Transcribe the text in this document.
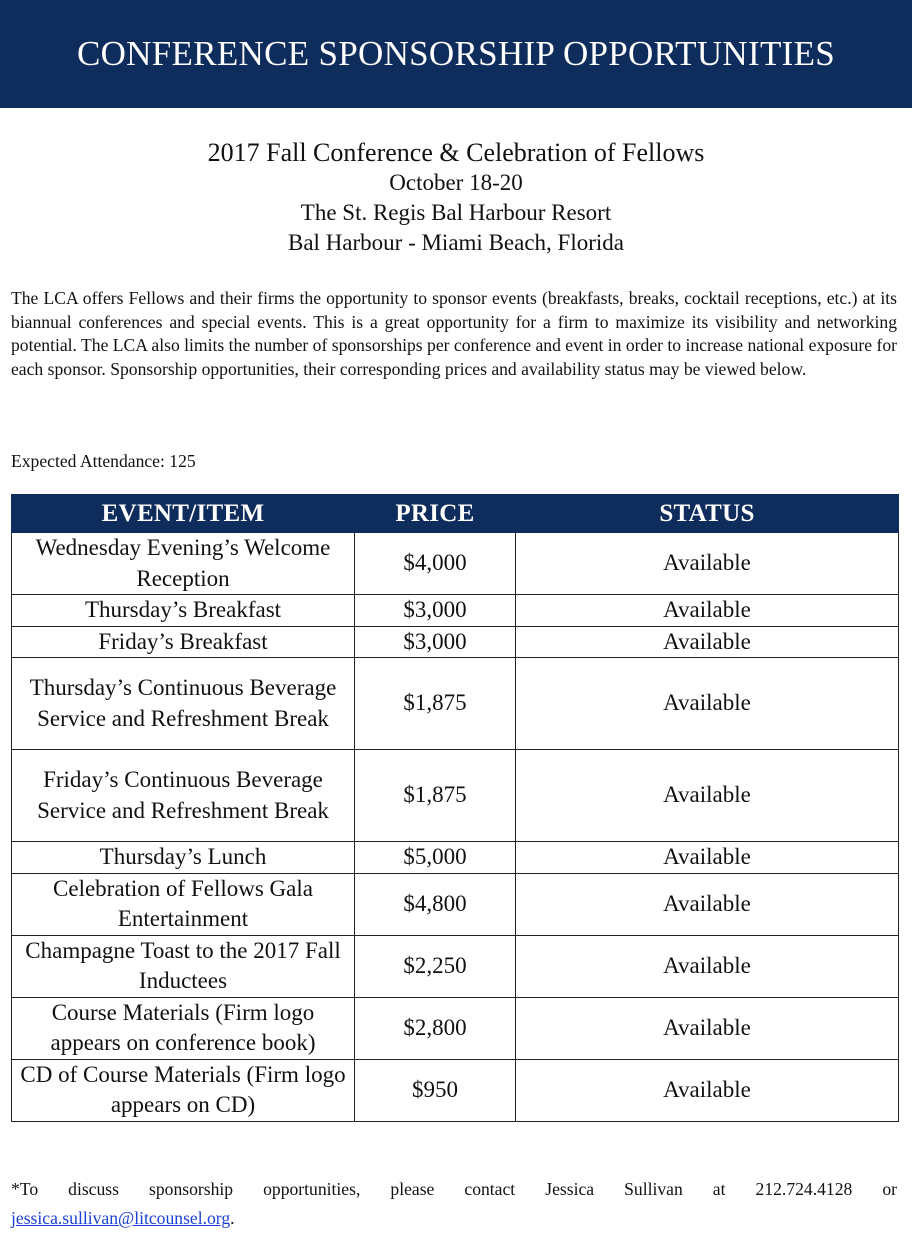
CONFERENCE SPONSORSHIP OPPORTUNITIES
2017 Fall Conference & Celebration of Fellows
October 18-20
The St. Regis Bal Harbour Resort
Bal Harbour - Miami Beach, Florida

The LCA offers Fellows and their firms the opportunity to sponsor events (breakfasts, breaks, cocktail receptions, etc.) at its biannual conferences and special events. This is a great opportunity for a firm to maximize its visibility and networking potential. The LCA also limits the number of sponsorships per conference and event in order to increase national exposure for each sponsor. Sponsorship opportunities, their corresponding prices and availability status may be viewed below.

Expected Attendance: 125
EVENT/ITEM	PRICE	STATUS
Wednesday Evening’s Welcome Reception	$4,000	Available
Thursday’s Breakfast	$3,000	Available
Friday’s Breakfast	$3,000	Available
Thursday’s Continuous Beverage Service and Refreshment Break	$1,875	Available
Friday’s Continuous Beverage Service and Refreshment Break	$1,875	Available
Thursday’s Lunch	$5,000	Available
Celebration of Fellows Gala Entertainment	$4,800	Available
Champagne Toast to the 2017 Fall Inductees	$2,250	Available
Course Materials (Firm logo appears on conference book)	$2,800	Available
CD of Course Materials (Firm logo appears on CD)	$950	Available
*To discuss sponsorship opportunities, please contact Jessica Sullivan at 212.724.4128 or
jessica.sullivan@litcounsel.org.
